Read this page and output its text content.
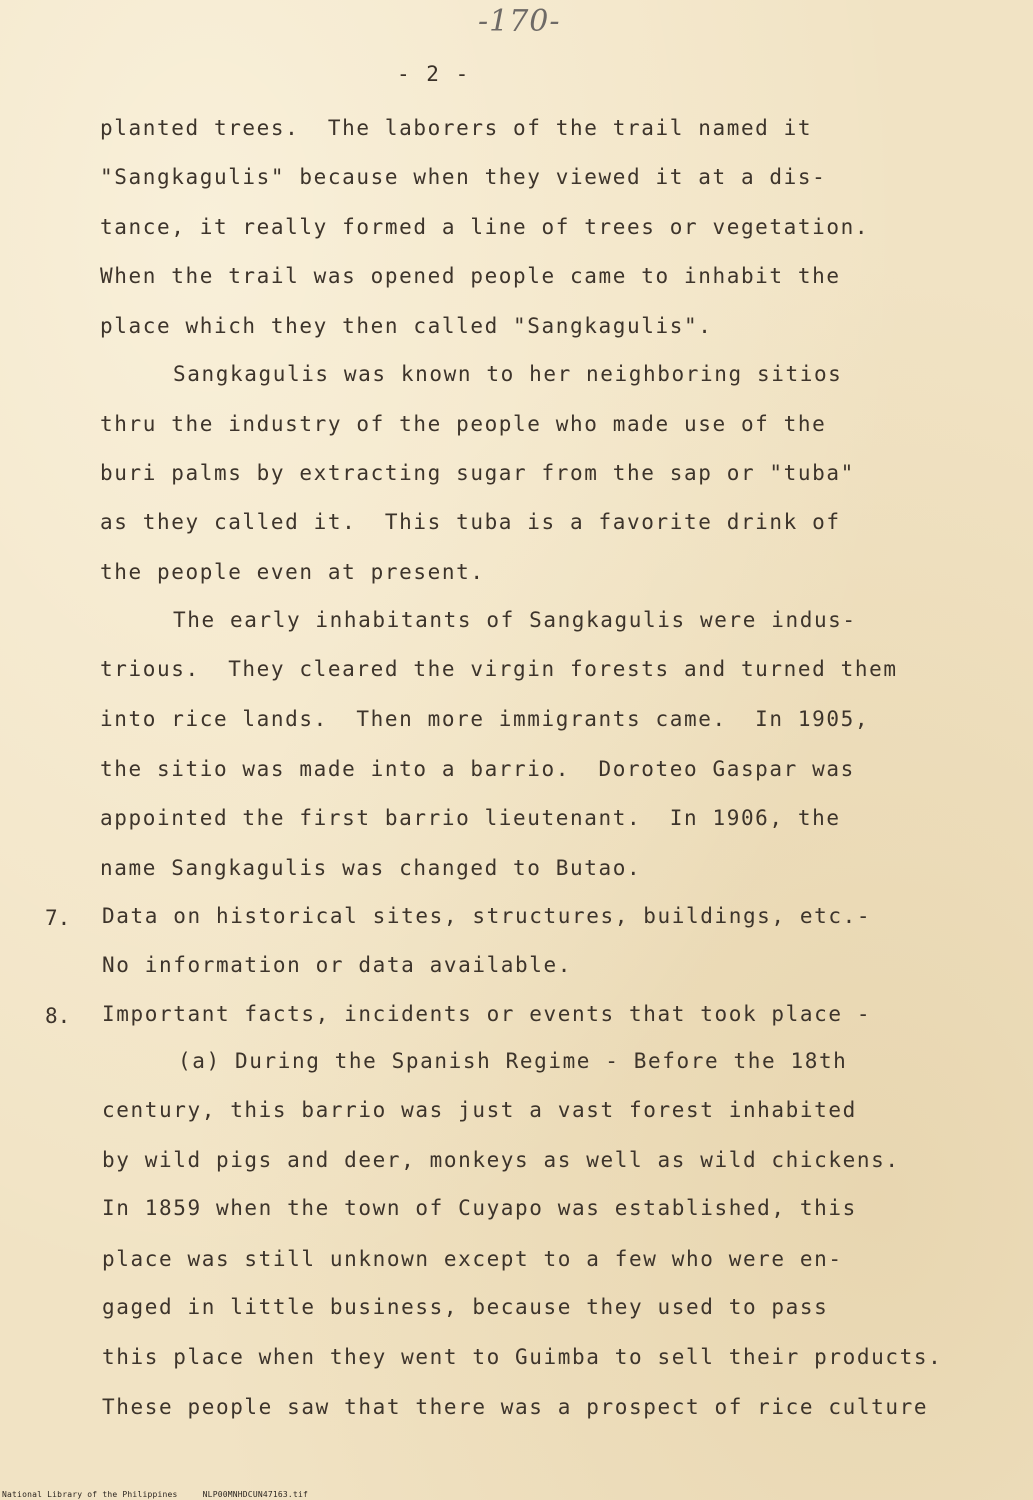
-170-
- 2 -
planted trees.  The laborers of the trail named it
"Sangkagulis" because when they viewed it at a dis-
tance, it really formed a line of trees or vegetation.
When the trail was opened people came to inhabit the
place which they then called "Sangkagulis".
Sangkagulis was known to her neighboring sitios
thru the industry of the people who made use of the
buri palms by extracting sugar from the sap or "tuba"
as they called it.  This tuba is a favorite drink of
the people even at present.
The early inhabitants of Sangkagulis were indus-
trious.  They cleared the virgin forests and turned them
into rice lands.  Then more immigrants came.  In 1905,
the sitio was made into a barrio.  Doroteo Gaspar was
appointed the first barrio lieutenant.  In 1906, the
name Sangkagulis was changed to Butao.
7. Data on historical sites, structures, buildings, etc.-
No information or data available.
8. Important facts, incidents or events that took place -
(a) During the Spanish Regime - Before the 18th
century, this barrio was just a vast forest inhabited
by wild pigs and deer, monkeys as well as wild chickens.
In 1859 when the town of Cuyapo was established, this
place was still unknown except to a few who were en-
gaged in little business, because they used to pass
this place when they went to Guimba to sell their products.
These people saw that there was a prospect of rice culture
National Library of the Philippines     NLP00MNHDCUN47163.tif
